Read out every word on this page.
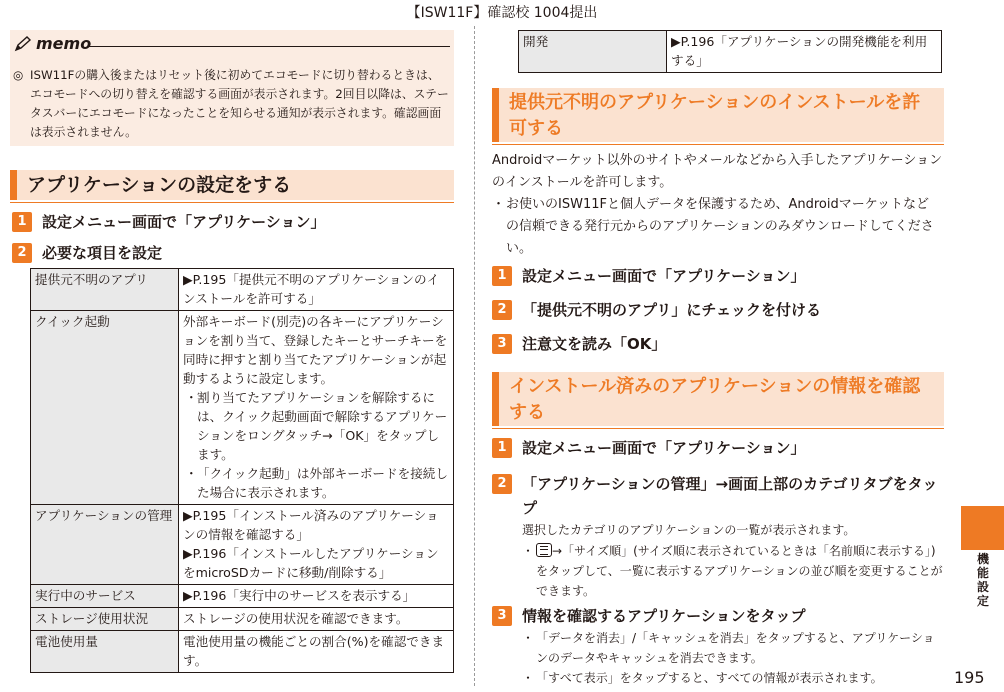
【ISW11F】確認校 1004提出
memo
◎ ISW11Fの購入後またはリセット後に初めてエコモードに切り替わるときは、エコモードへの切り替えを確認する画面が表示されます。2回目以降は、ステータスバーにエコモードになったことを知らせる通知が表示されます。確認画面は表示されません。
アプリケーションの設定をする
1	設定メニュー画面で「アプリケーション」
2	必要な項目を設定
提供元不明のアプリ	▶P.195「提供元不明のアプリケーションのインストールを許可する」
クイック起動	外部キーボード(別売)の各キーにアプリケーションを割り当て、登録したキーとサーチキーを同時に押すと割り当てたアプリケーションが起動するように設定します。
・ 割り当てたアプリケーションを解除するには、クイック起動画面で解除するアプリケーションをロングタッチ→「OK」をタップします。
・ 「クイック起動」は外部キーボードを接続した場合に表示されます。

アプリケーションの管理	▶P.195「インストール済みのアプリケーションの情報を確認する」
▶P.196「インストールしたアプリケーションをmicroSDカードに移動/削除する」

実行中のサービス	▶P.196「実行中のサービスを表示する」
ストレージ使用状況	ストレージの使用状況を確認できます。
電池使用量	電池使用量の機能ごとの割合(%)を確認できます。
開発	▶P.196「アプリケーションの開発機能を利用する」
提供元不明のアプリケーションのインストールを許可する
Androidマーケット以外のサイトやメールなどから入手したアプリケーションのインストールを許可します。
・ お使いのISW11Fと個人データを保護するため、Androidマーケットなどの信頼できる発行元からのアプリケーションのみダウンロードしてください。
1	設定メニュー画面で「アプリケーション」
2	「提供元不明のアプリ」にチェックを付ける
3	注意文を読み「OK」
インストール済みのアプリケーションの情報を確認する
1	設定メニュー画面で「アプリケーション」
2	「アプリケーションの管理」→画面上部のカテゴリタブをタップ
選択したカテゴリのアプリケーションの一覧が表示されます。
・	→「サイズ順」(サイズ順に表示されているときは「名前順に表示する」)をタップして、一覧に表示するアプリケーションの並び順を変更することができます。
3	情報を確認するアプリケーションをタップ
・ 「データを消去」/「キャッシュを消去」をタップすると、アプリケーションのデータやキャッシュを消去できます。
・ 「すべて表示」をタップすると、すべての情報が表示されます。
機能設定
195
